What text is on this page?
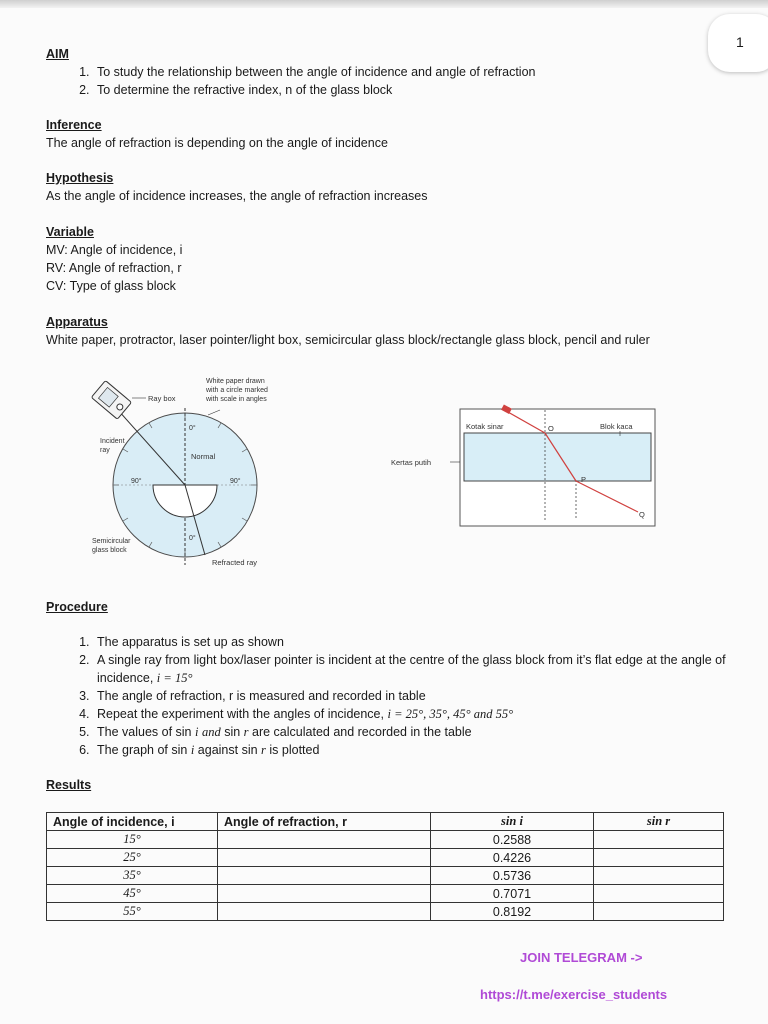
1
AIM
1. To study the relationship between the angle of incidence and angle of refraction
2. To determine the refractive index, n of the glass block
Inference
The angle of refraction is depending on the angle of incidence
Hypothesis
As the angle of incidence increases, the angle of refraction increases
Variable
MV: Angle of incidence, i
RV: Angle of refraction, r
CV: Type of glass block
Apparatus
White paper, protractor, laser pointer/light box, semicircular glass block/rectangle glass block, pencil and ruler
Ray box
White paper drawn
with a circle marked
with scale in angles
Incident
ray
Normal
0°
0°
90°	90°
Semicircular
glass block
Refracted ray
Kotak sinar	Blok kaca
Kertas putih
O
P
Q
Procedure
1. The apparatus is set up as shown
2. A single ray from light box/laser pointer is incident at the centre of the glass block from it’s flat edge at the angle of incidence, i = 15°
3. The angle of refraction, r is measured and recorded in table
4. Repeat the experiment with the angles of incidence, i = 25°, 35°, 45° and 55°
5. The values of sin i and sin r are calculated and recorded in the table
6. The graph of sin i against sin r is plotted
Results
Angle of incidence, i	Angle of refraction, r	sin i	sin r
15°		0.2588	
25°		0.4226	
35°		0.5736	
45°		0.7071	
55°		0.8192	
JOIN TELEGRAM ->
https://t.me/exercise_students
